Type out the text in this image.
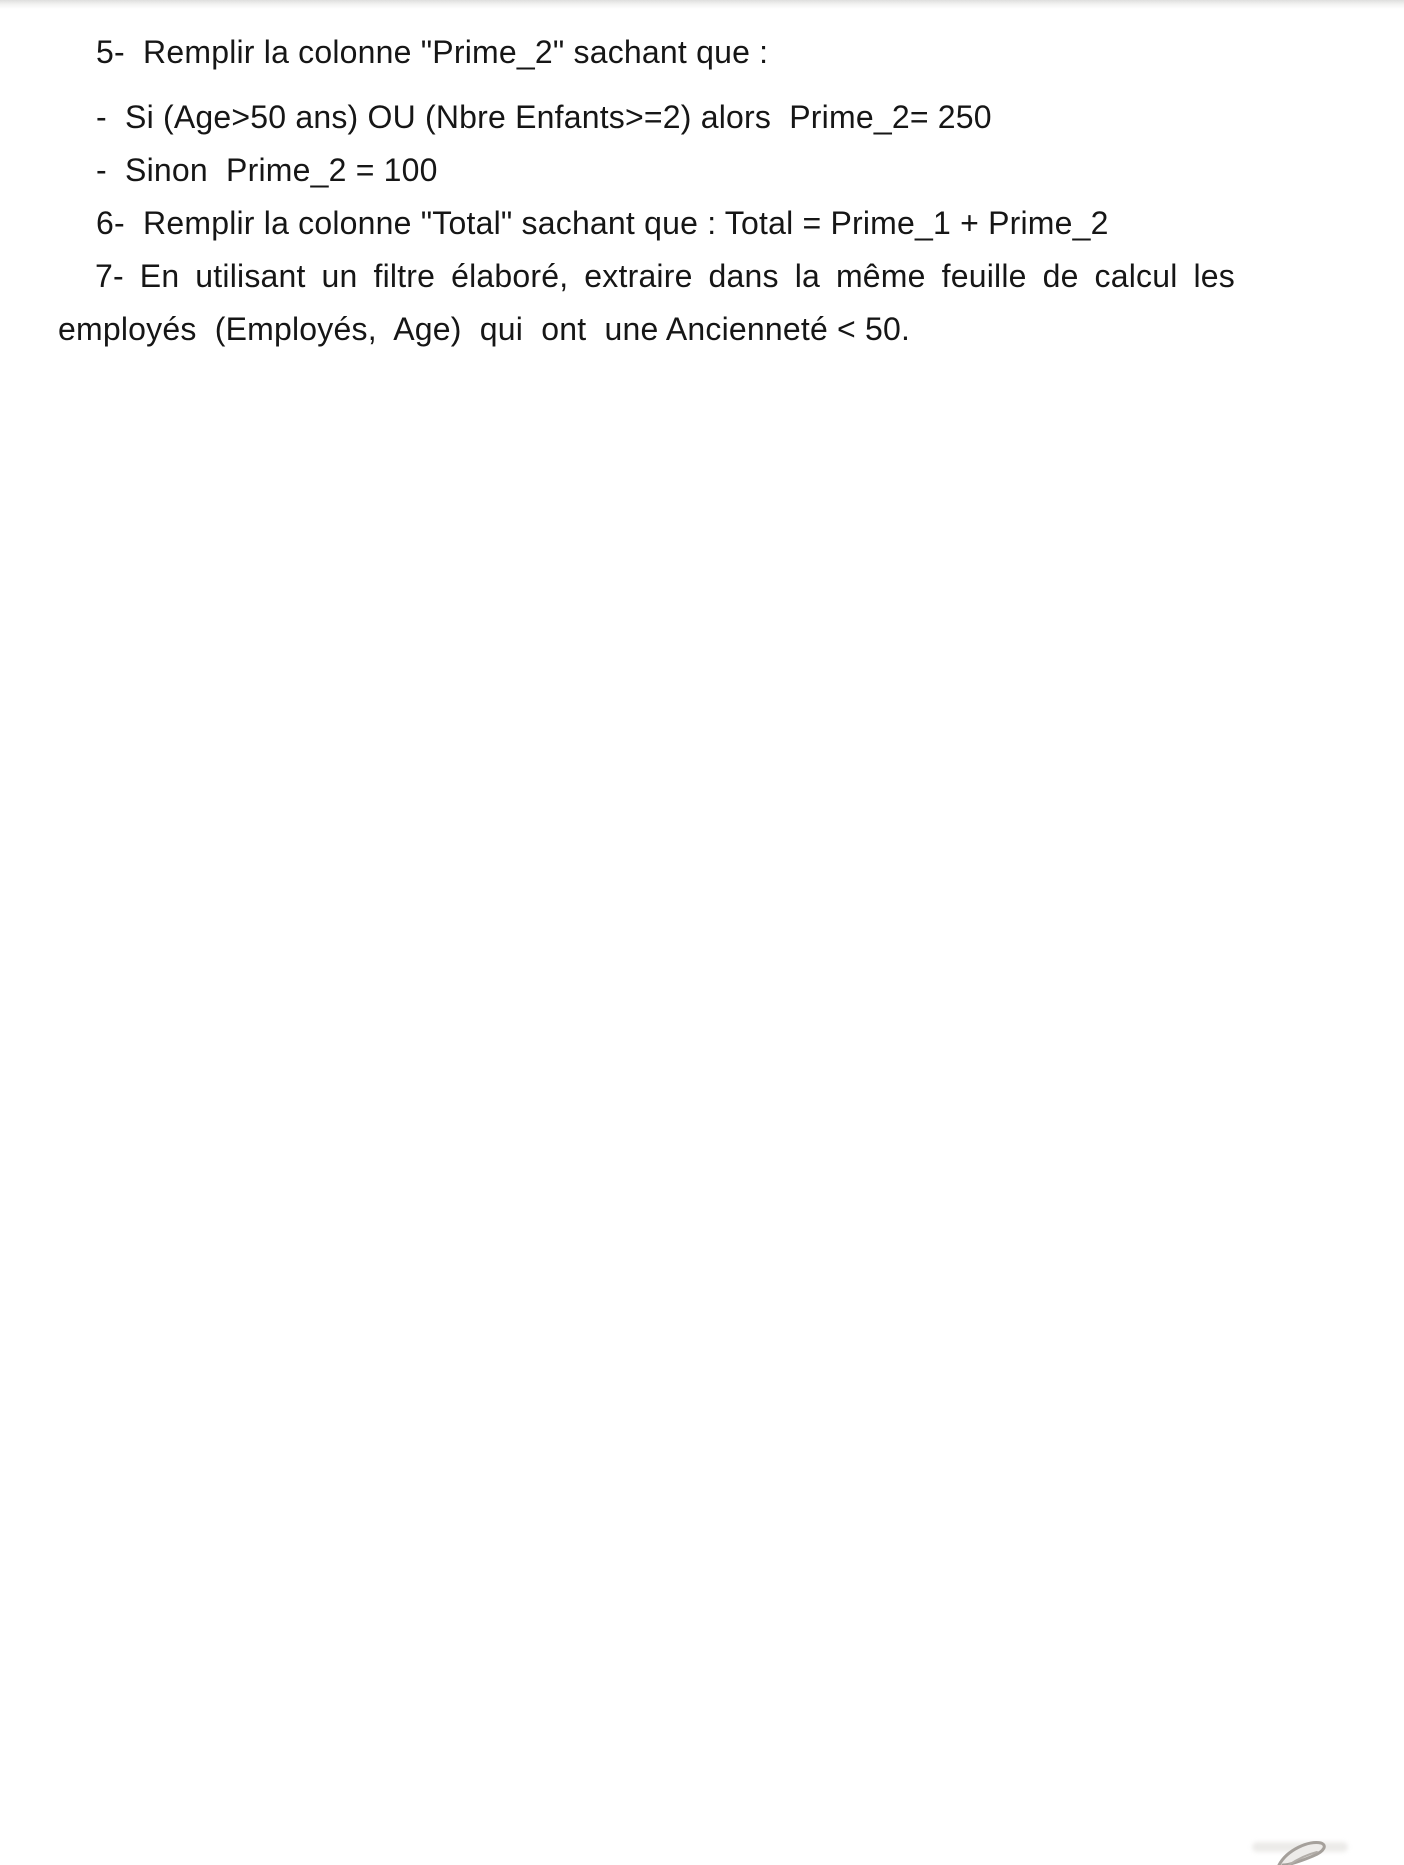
5-  Remplir la colonne "Prime_2" sachant que :
-  Si (Age>50 ans) OU (Nbre Enfants>=2) alors  Prime_2= 250
-  Sinon  Prime_2 = 100
6-  Remplir la colonne "Total" sachant que : Total = Prime_1 + Prime_2
7- En utilisant un filtre élaboré, extraire dans la même feuille de calcul les
employés  (Employés,  Age)  qui  ont  une Ancienneté < 50.
